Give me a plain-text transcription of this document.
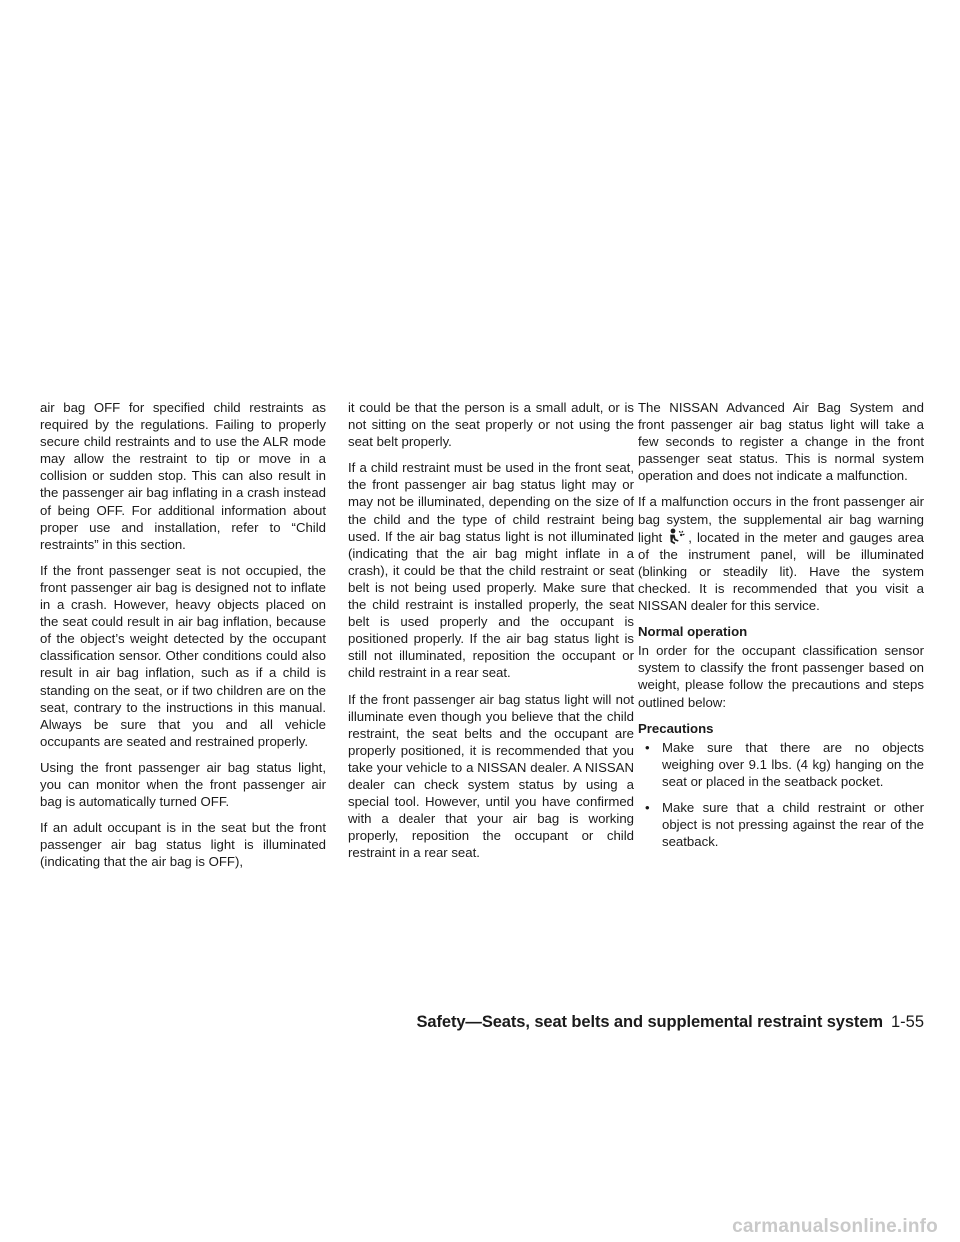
air bag OFF for specified child restraints as required by the regulations. Failing to properly secure child restraints and to use the ALR mode may allow the restraint to tip or move in a collision or sudden stop. This can also result in the passenger air bag inflating in a crash instead of being OFF. For additional information about proper use and installation, refer to “Child restraints” in this section.

If the front passenger seat is not occupied, the front passenger air bag is designed not to inflate in a crash. However, heavy objects placed on the seat could result in air bag inflation, because of the object’s weight detected by the occupant classification sensor. Other conditions could also result in air bag inflation, such as if a child is standing on the seat, or if two children are on the seat, contrary to the instructions in this manual. Always be sure that you and all vehicle occupants are seated and restrained properly.

Using the front passenger air bag status light, you can monitor when the front passenger air bag is automatically turned OFF.

If an adult occupant is in the seat but the front passenger air bag status light is illuminated (indicating that the air bag is OFF),

it could be that the person is a small adult, or is not sitting on the seat properly or not using the seat belt properly.

If a child restraint must be used in the front seat, the front passenger air bag status light may or may not be illuminated, depending on the size of the child and the type of child restraint being used. If the air bag status light is not illuminated (indicating that the air bag might inflate in a crash), it could be that the child restraint or seat belt is not being used properly. Make sure that the child restraint is installed properly, the seat belt is used properly and the occupant is positioned properly. If the air bag status light is still not illuminated, reposition the occupant or child restraint in a rear seat.

If the front passenger air bag status light will not illuminate even though you believe that the child restraint, the seat belts and the occupant are properly positioned, it is recommended that you take your vehicle to a NISSAN dealer. A NISSAN dealer can check system status by using a special tool. However, until you have confirmed with a dealer that your air bag is working properly, reposition the occupant or child restraint in a rear seat.

The NISSAN Advanced Air Bag System and front passenger air bag status light will take a few seconds to register a change in the front passenger seat status. This is normal system operation and does not indicate a malfunction.

If a malfunction occurs in the front passenger air bag system, the supplemental air bag warning light , located in the meter and gauges area of the instrument panel, will be illuminated (blinking or steadily lit). Have the system checked. It is recommended that you visit a NISSAN dealer for this service.

Normal operation

In order for the occupant classification sensor system to classify the front passenger based on weight, please follow the precautions and steps outlined below:

Precautions

• Make sure that there are no objects weighing over 9.1 lbs. (4 kg) hanging on the seat or placed in the seatback pocket.
• Make sure that a child restraint or other object is not pressing against the rear of the seatback.
Safety—Seats, seat belts and supplemental restraint system 1-55
carmanualsonline.info
